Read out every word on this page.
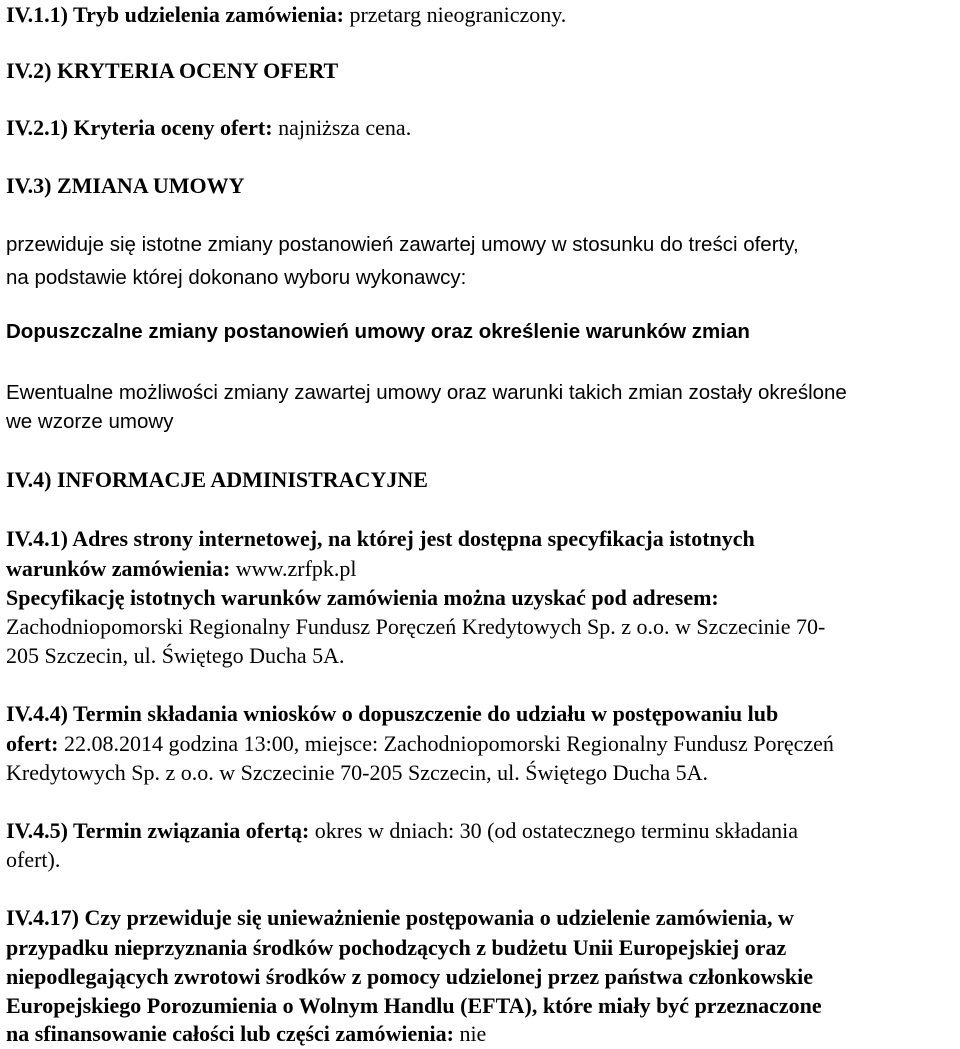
IV.1.1) Tryb udzielenia zamówienia: przetarg nieograniczony.

IV.2) KRYTERIA OCENY OFERT

IV.2.1) Kryteria oceny ofert: najniższa cena.

IV.3) ZMIANA UMOWY

przewiduje się istotne zmiany postanowień zawartej umowy w stosunku do treści oferty,

na podstawie której dokonano wyboru wykonawcy:

Dopuszczalne zmiany postanowień umowy oraz określenie warunków zmian

Ewentualne możliwości zmiany zawartej umowy oraz warunki takich zmian zostały określone

we wzorze umowy

IV.4) INFORMACJE ADMINISTRACYJNE

IV.4.1) Adres strony internetowej, na której jest dostępna specyfikacja istotnych

warunków zamówienia: www.zrfpk.pl

Specyfikację istotnych warunków zamówienia można uzyskać pod adresem:

Zachodniopomorski Regionalny Fundusz Poręczeń Kredytowych Sp. z o.o. w Szczecinie 70-

205 Szczecin, ul. Świętego Ducha 5A.

IV.4.4) Termin składania wniosków o dopuszczenie do udziału w postępowaniu lub

ofert: 22.08.2014 godzina 13:00, miejsce: Zachodniopomorski Regionalny Fundusz Poręczeń

Kredytowych Sp. z o.o. w Szczecinie 70-205 Szczecin, ul. Świętego Ducha 5A.

IV.4.5) Termin związania ofertą: okres w dniach: 30 (od ostatecznego terminu składania

ofert).

IV.4.17) Czy przewiduje się unieważnienie postępowania o udzielenie zamówienia, w

przypadku nieprzyznania środków pochodzących z budżetu Unii Europejskiej oraz

niepodlegających zwrotowi środków z pomocy udzielonej przez państwa członkowskie

Europejskiego Porozumienia o Wolnym Handlu (EFTA), które miały być przeznaczone

na sfinansowanie całości lub części zamówienia: nie
